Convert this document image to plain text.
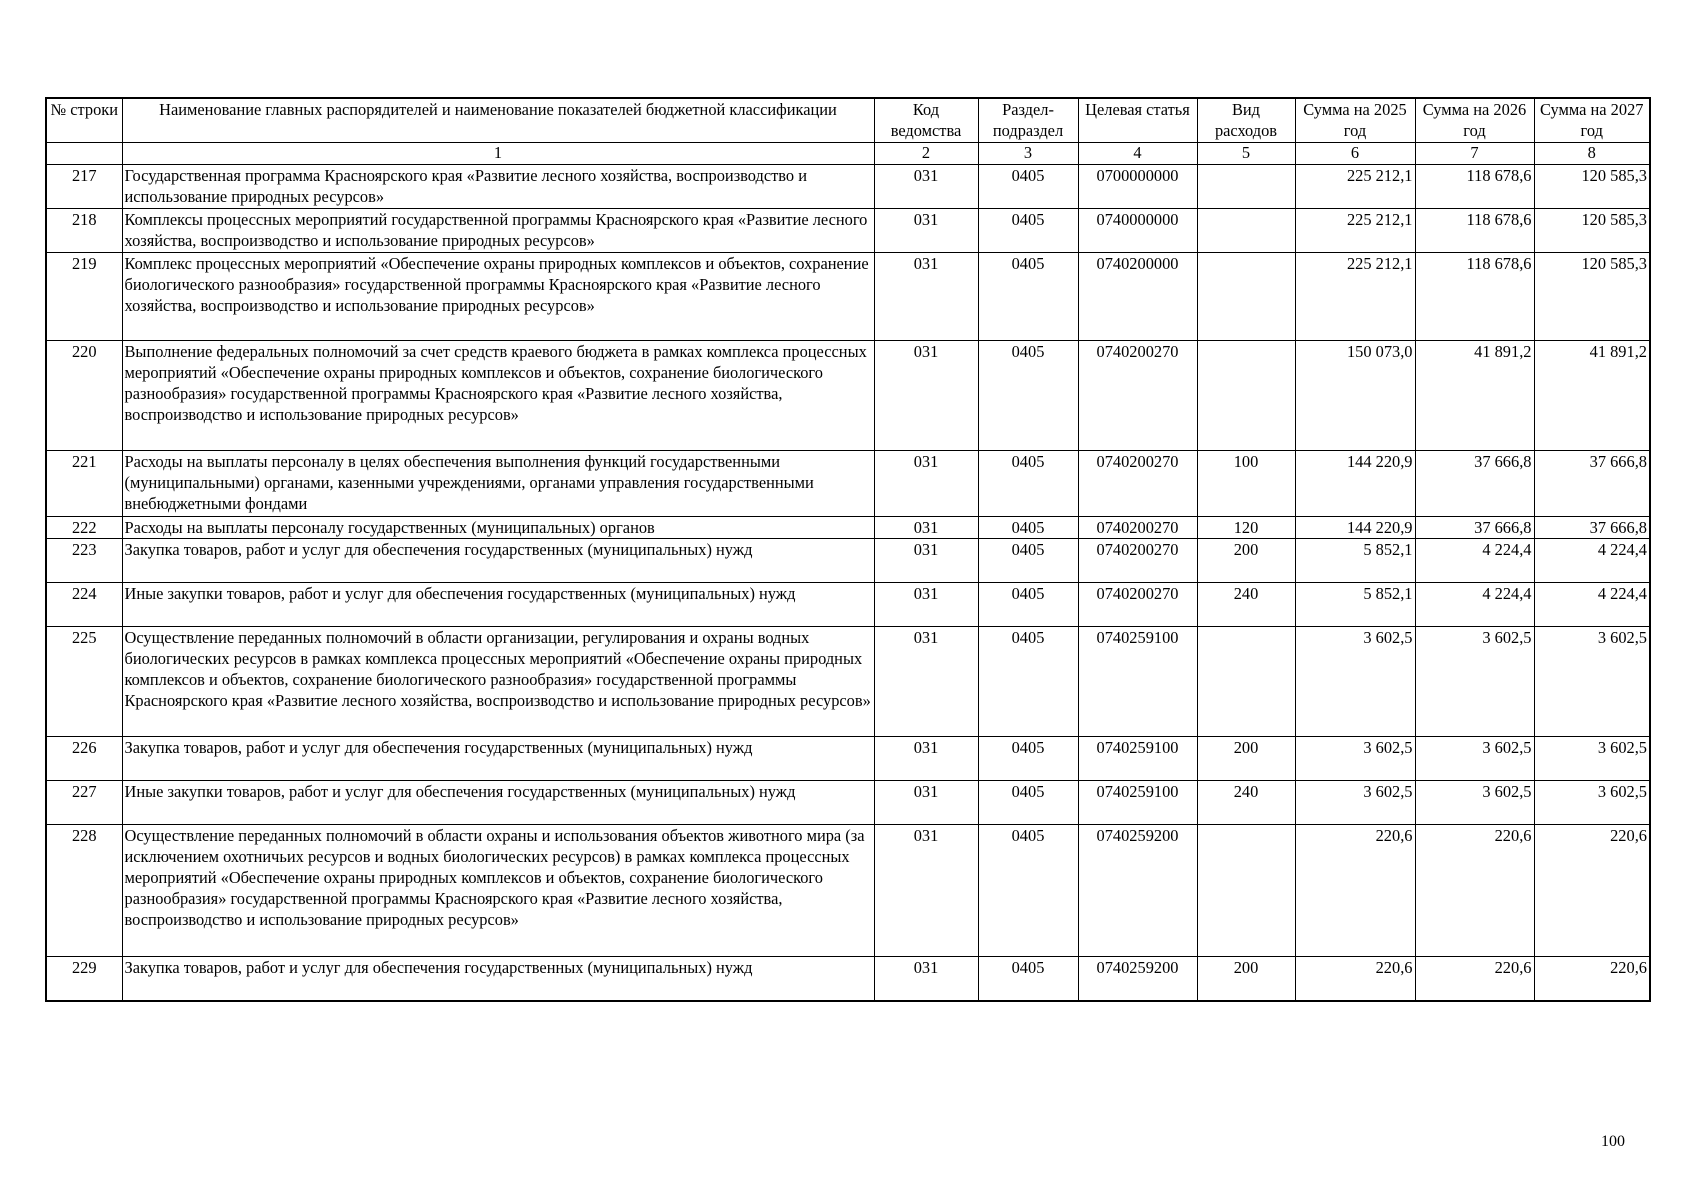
№ строки	Наименование главных распорядителей и наименование показателей бюджетной классификации	Код ведомства	Раздел-подраздел	Целевая статья	Вид расходов	Сумма на 2025 год	Сумма на 2026 год	Сумма на 2027 год
	1	2	3	4	5	6	7	8
217	Государственная программа Красноярского края «Развитие лесного хозяйства, воспроизводство и использование природных ресурсов»	031	0405	0700000000		225 212,1	118 678,6	120 585,3
218	Комплексы процессных мероприятий государственной программы Красноярского края «Развитие лесного хозяйства, воспроизводство и использование природных ресурсов»	031	0405	0740000000		225 212,1	118 678,6	120 585,3
219	Комплекс процессных мероприятий «Обеспечение охраны природных комплексов и объектов, сохранение биологического разнообразия» государственной программы Красноярского края «Развитие лесного хозяйства, воспроизводство и использование природных ресурсов»	031	0405	0740200000		225 212,1	118 678,6	120 585,3
220	Выполнение федеральных полномочий за счет средств краевого бюджета в рамках комплекса процессных мероприятий «Обеспечение охраны природных комплексов и объектов, сохранение биологического разнообразия» государственной программы Красноярского края «Развитие лесного хозяйства, воспроизводство и использование природных ресурсов»	031	0405	0740200270		150 073,0	41 891,2	41 891,2
221	Расходы на выплаты персоналу в целях обеспечения выполнения функций государственными (муниципальными) органами, казенными учреждениями, органами управления государственными внебюджетными фондами	031	0405	0740200270	100	144 220,9	37 666,8	37 666,8
222	Расходы на выплаты персоналу государственных (муниципальных) органов	031	0405	0740200270	120	144 220,9	37 666,8	37 666,8
223	Закупка товаров, работ и услуг для обеспечения государственных (муниципальных) нужд	031	0405	0740200270	200	5 852,1	4 224,4	4 224,4
224	Иные закупки товаров, работ и услуг для обеспечения государственных (муниципальных) нужд	031	0405	0740200270	240	5 852,1	4 224,4	4 224,4
225	Осуществление переданных полномочий в области организации, регулирования и охраны водных биологических ресурсов в рамках комплекса процессных мероприятий «Обеспечение охраны природных комплексов и объектов, сохранение биологического разнообразия» государственной программы Красноярского края «Развитие лесного хозяйства, воспроизводство и использование природных ресурсов»	031	0405	0740259100		3 602,5	3 602,5	3 602,5
226	Закупка товаров, работ и услуг для обеспечения государственных (муниципальных) нужд	031	0405	0740259100	200	3 602,5	3 602,5	3 602,5
227	Иные закупки товаров, работ и услуг для обеспечения государственных (муниципальных) нужд	031	0405	0740259100	240	3 602,5	3 602,5	3 602,5
228	Осуществление переданных полномочий в области охраны и использования объектов животного мира (за исключением охотничьих ресурсов и водных биологических ресурсов) в рамках комплекса процессных мероприятий «Обеспечение охраны природных комплексов и объектов, сохранение биологического разнообразия» государственной программы Красноярского края «Развитие лесного хозяйства, воспроизводство и использование природных ресурсов»	031	0405	0740259200		220,6	220,6	220,6
229	Закупка товаров, работ и услуг для обеспечения государственных (муниципальных) нужд	031	0405	0740259200	200	220,6	220,6	220,6
100
